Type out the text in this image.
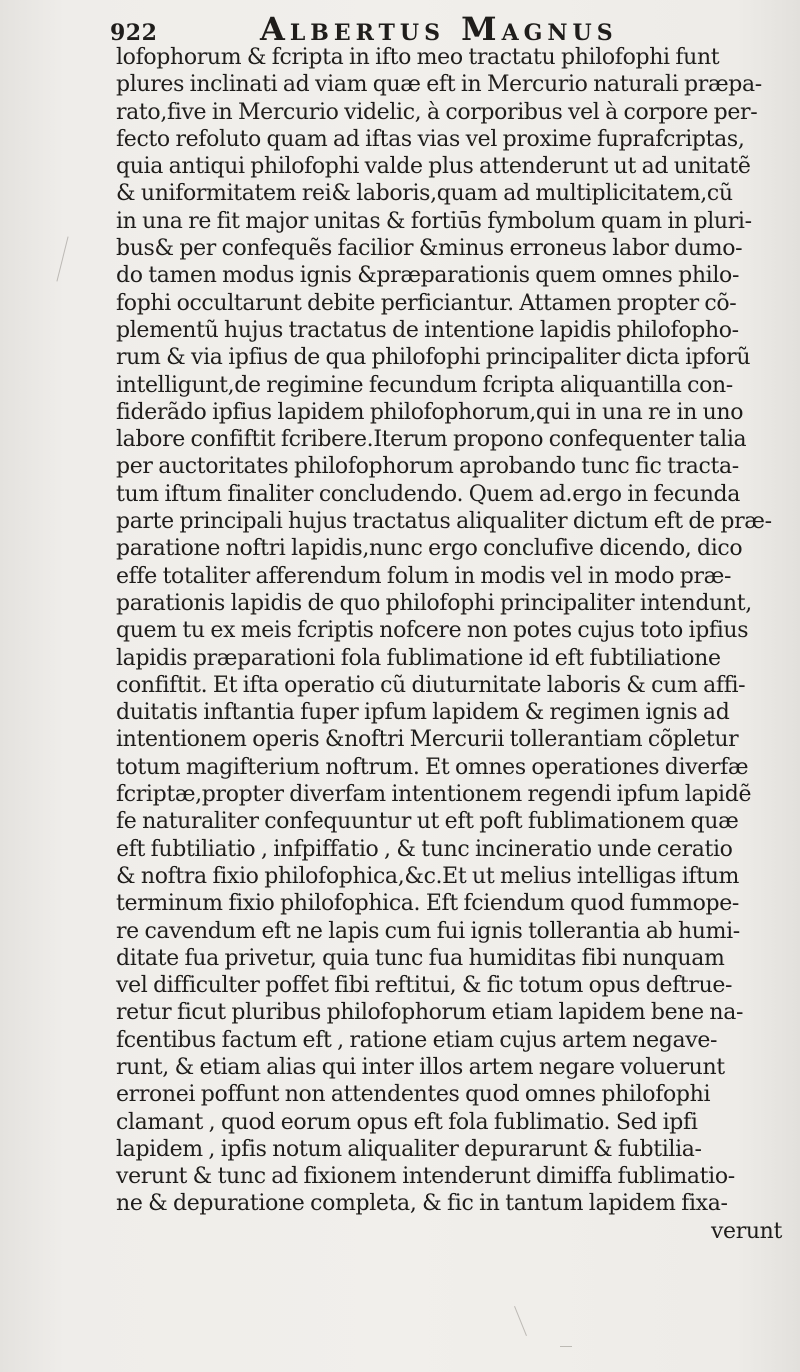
922	Albertus Magnus
lofophorum & fcripta in ifto meo tractatu philofophi funt
plures inclinati ad viam quæ eft in Mercurio naturali præpa-
rato,five in Mercurio videlic, à corporibus vel à corpore per-
fecto refoluto quam ad iftas vias vel proxime fuprafcriptas,
quia antiqui philofophi valde plus attenderunt ut ad unitatẽ
& uniformitatem rei& laboris,quam ad multiplicitatem,cũ
in una re fit major unitas & fortiūs fymbolum quam in pluri-
bus& per confequẽs facilior &minus erroneus labor dumo-
do tamen modus ignis &præparationis quem omnes philo-
fophi occultarunt debite perficiantur. Attamen propter cõ-
plementũ hujus tractatus de intentione lapidis philofopho-
rum & via ipfius de qua philofophi principaliter dicta ipforũ
intelligunt,de regimine fecundum fcripta aliquantilla con-
fiderãdo ipfius lapidem philofophorum,qui in una re in uno
labore confiftit fcribere.Iterum propono confequenter talia
per auctoritates philofophorum aprobando tunc fic tracta-
tum iftum finaliter concludendo. Quem ad.ergo in fecunda
parte principali hujus tractatus aliqualiter dictum eft de præ-
paratione noftri lapidis,nunc ergo conclufive dicendo, dico
effe totaliter afferendum folum in modis vel in modo præ-
parationis lapidis de quo philofophi principaliter intendunt,
quem tu ex meis fcriptis nofcere non potes cujus toto ipfius
lapidis præparationi fola fublimatione id eft fubtiliatione
confiftit. Et ifta operatio cũ diuturnitate laboris & cum affi-
duitatis inftantia fuper ipfum lapidem & regimen ignis ad
intentionem operis &noftri Mercurii tollerantiam cõpletur
totum magifterium noftrum. Et omnes operationes diverfæ
fcriptæ,propter diverfam intentionem regendi ipfum lapidẽ
fe naturaliter confequuntur ut eft poft fublimationem quæ
eft fubtiliatio , infpiffatio , & tunc incineratio unde ceratio
& noftra fixio philofophica,&c.Et ut melius intelligas iftum
terminum fixio philofophica. Eft fciendum quod fummope-
re cavendum eft ne lapis cum fui ignis tollerantia ab humi-
ditate fua privetur, quia tunc fua humiditas fibi nunquam
vel difficulter poffet fibi reftitui, & fic totum opus deftrue-
retur ficut pluribus philofophorum etiam lapidem bene na-
fcentibus factum eft , ratione etiam cujus artem negave-
runt, & etiam alias qui inter illos artem negare voluerunt
erronei poffunt non attendentes quod omnes philofophi
clamant , quod eorum opus eft fola fublimatio. Sed ipfi
lapidem , ipfis notum aliqualiter depurarunt & fubtilia-
verunt & tunc ad fixionem intenderunt dimiffa fublimatio-
ne & depuratione completa, & fic in tantum lapidem fixa-
verunt
